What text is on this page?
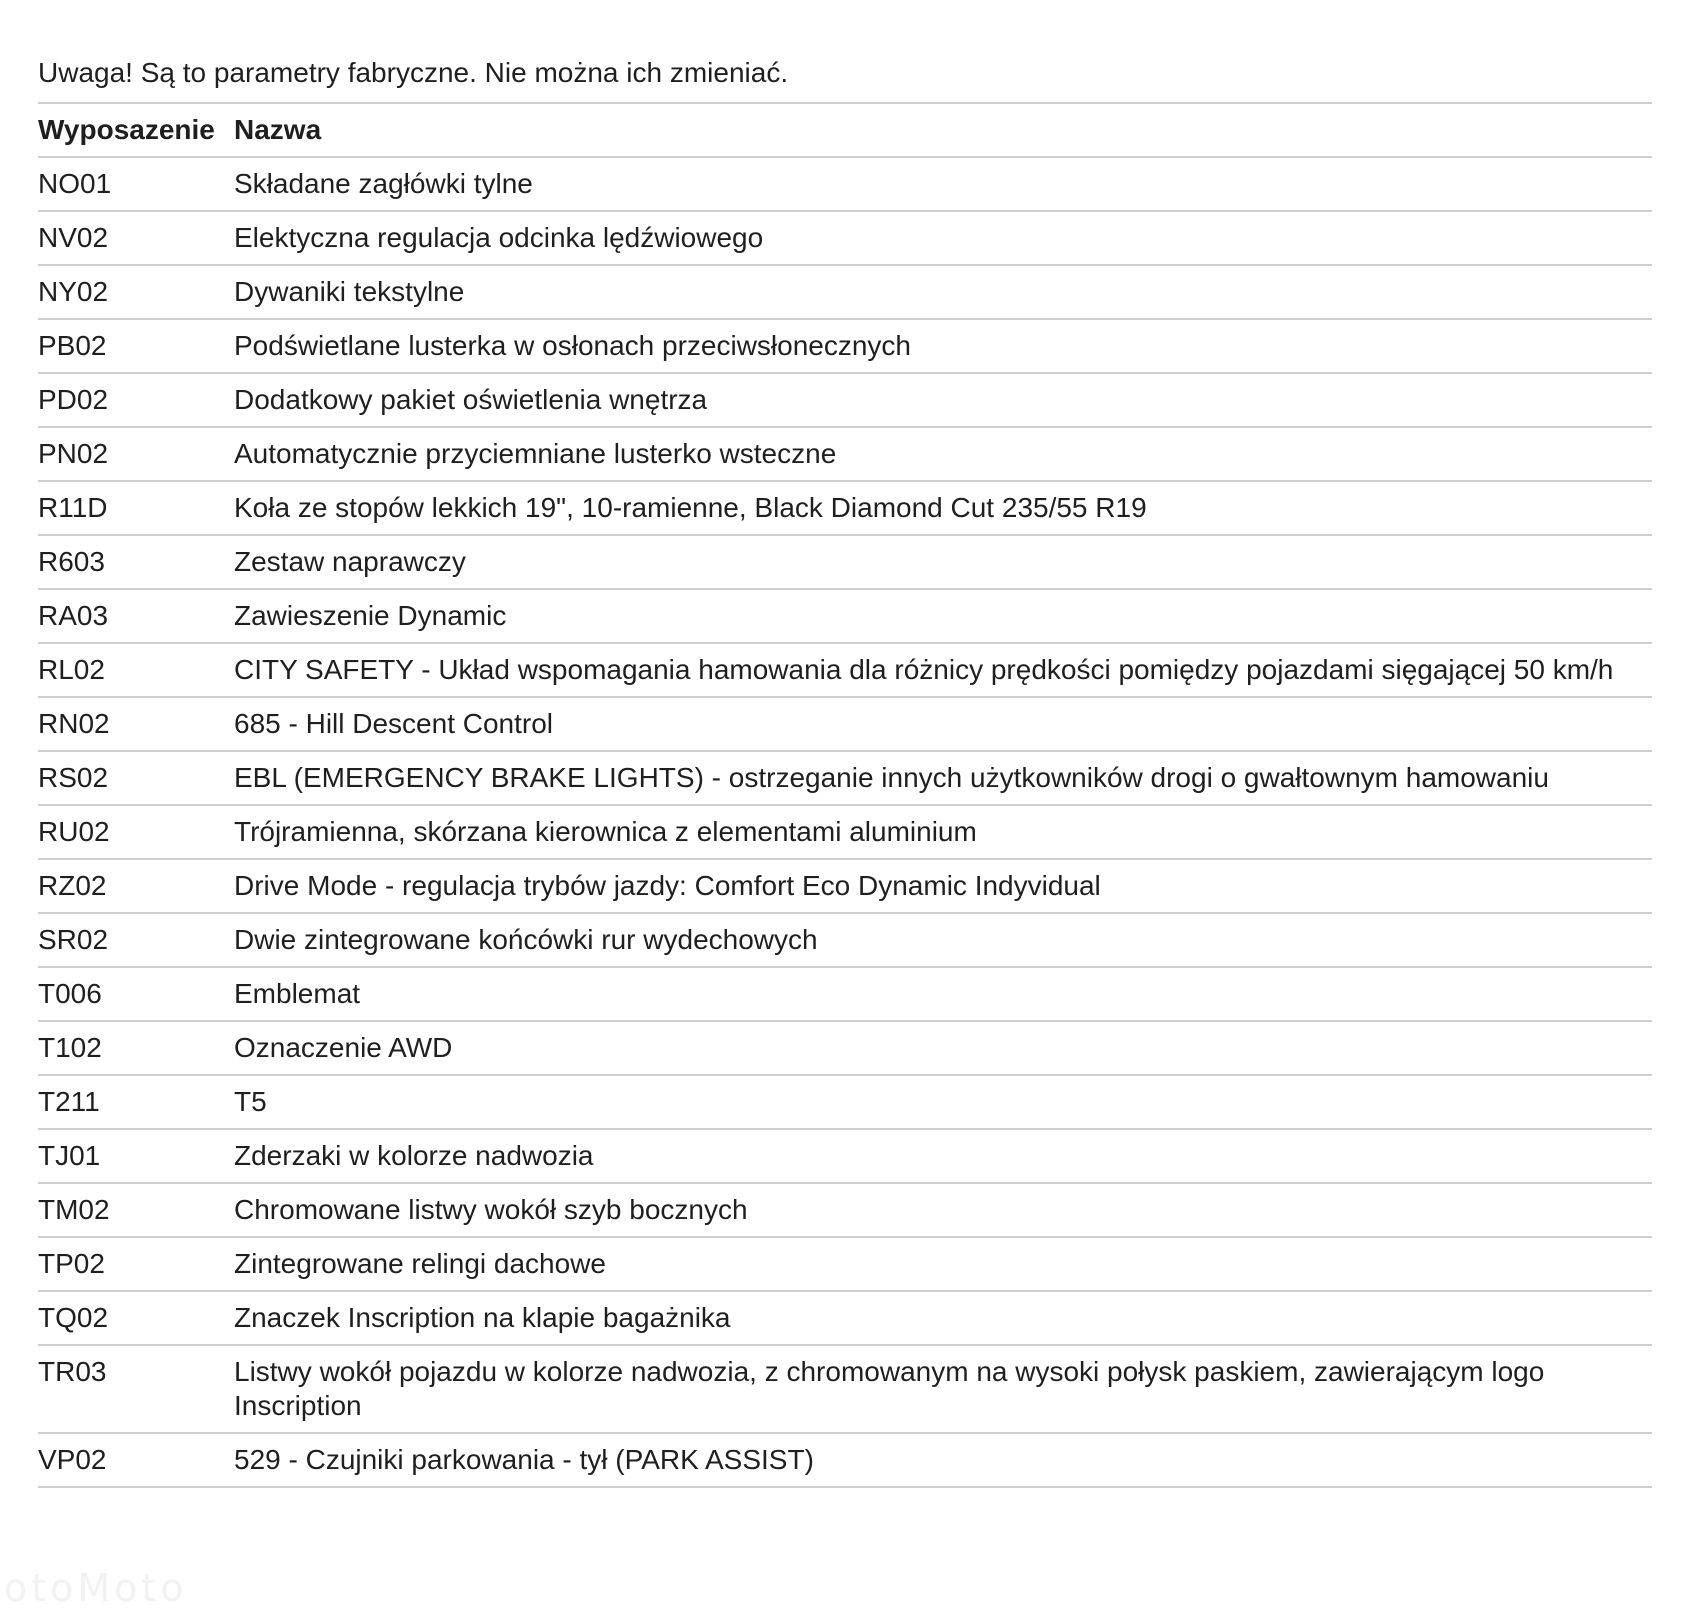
Uwaga! Są to parametry fabryczne. Nie można ich zmieniać.

Wyposazenie	Nazwa
NO01	Składane zagłówki tylne
NV02	Elektyczna regulacja odcinka lędźwiowego
NY02	Dywaniki tekstylne
PB02	Podświetlane lusterka w osłonach przeciwsłonecznych
PD02	Dodatkowy pakiet oświetlenia wnętrza
PN02	Automatycznie przyciemniane lusterko wsteczne
R11D	Koła ze stopów lekkich 19", 10-ramienne, Black Diamond Cut 235/55 R19
R603	Zestaw naprawczy
RA03	Zawieszenie Dynamic
RL02	CITY SAFETY - Układ wspomagania hamowania dla różnicy prędkości pomiędzy pojazdami sięgającej 50 km/h
RN02	685 - Hill Descent Control
RS02	EBL (EMERGENCY BRAKE LIGHTS) - ostrzeganie innych użytkowników drogi o gwałtownym hamowaniu
RU02	Trójramienna, skórzana kierownica z elementami aluminium
RZ02	Drive Mode - regulacja trybów jazdy: Comfort Eco Dynamic Indyvidual
SR02	Dwie zintegrowane końcówki rur wydechowych
T006	Emblemat
T102	Oznaczenie AWD
T211	T5
TJ01	Zderzaki w kolorze nadwozia
TM02	Chromowane listwy wokół szyb bocznych
TP02	Zintegrowane relingi dachowe
TQ02	Znaczek Inscription na klapie bagażnika
TR03	Listwy wokół pojazdu w kolorze nadwozia, z chromowanym na wysoki połysk paskiem, zawierającym logo Inscription
VP02	529 - Czujniki parkowania - tył (PARK ASSIST)
otoMoto
